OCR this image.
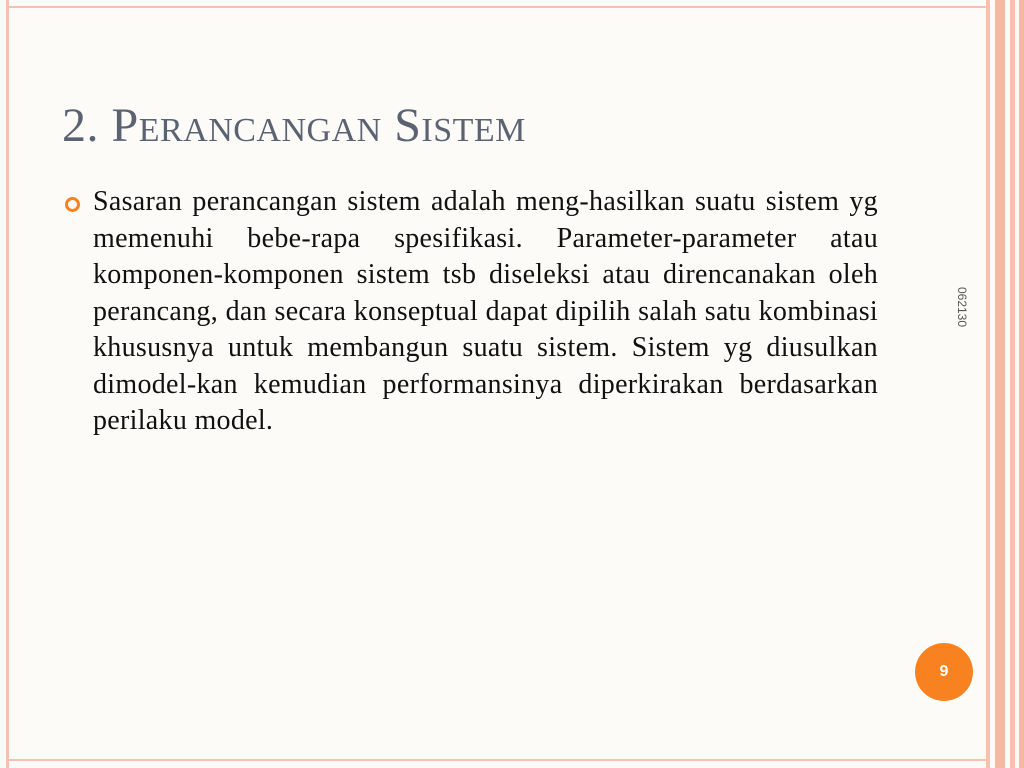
2. Perancangan Sistem
Sasaran perancangan sistem adalah meng-hasilkan suatu sistem yg memenuhi bebe-rapa spesifikasi. Parameter-parameter atau komponen-komponen sistem tsb diseleksi atau direncanakan oleh perancang, dan secara konseptual dapat dipilih salah satu kombinasi khususnya untuk membangun suatu sistem. Sistem yg diusulkan dimodel-kan kemudian performansinya diperkirakan berdasarkan perilaku model.
062130
9
